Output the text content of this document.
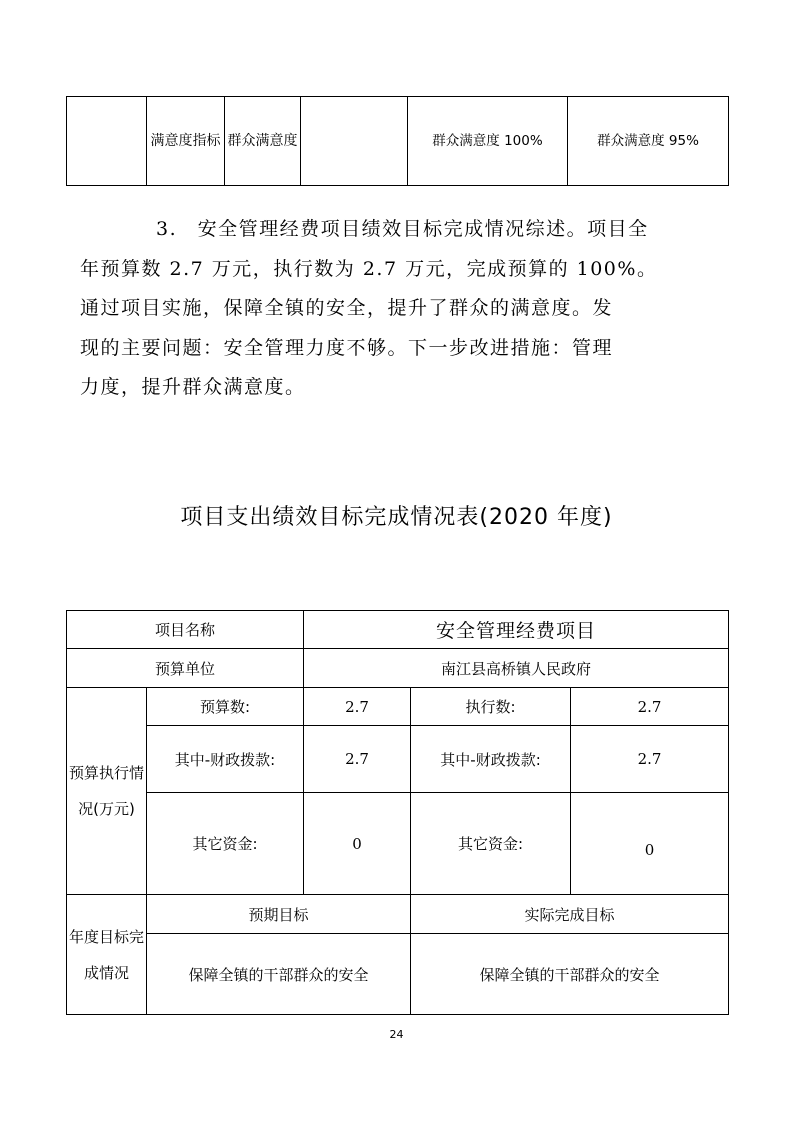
	满意度指标	群众满意度		群众满意度 100%	群众满意度 95%
3.　安全管理经费项目绩效目标完成情况综述。项目全
年预算数 2.7 万元，执行数为 2.7 万元，完成预算的 100%。
通过项目实施，保障全镇的安全，提升了群众的满意度。发
现的主要问题：安全管理力度不够。下一步改进措施：管理
力度，提升群众满意度。
项目支出绩效目标完成情况表(2020 年度)
项目名称		安全管理经费项目		
预算单位		南江县高桥镇人民政府		
预算执行情况(万元)	预算数:	2.7	执行数:	2.7
	其中-财政拨款:	2.7	其中-财政拨款:	2.7
	其它资金:	0	其它资金:	0
年度目标完成情况	预期目标		实际完成目标	
	保障全镇的干部群众的安全		保障全镇的干部群众的安全	
24
